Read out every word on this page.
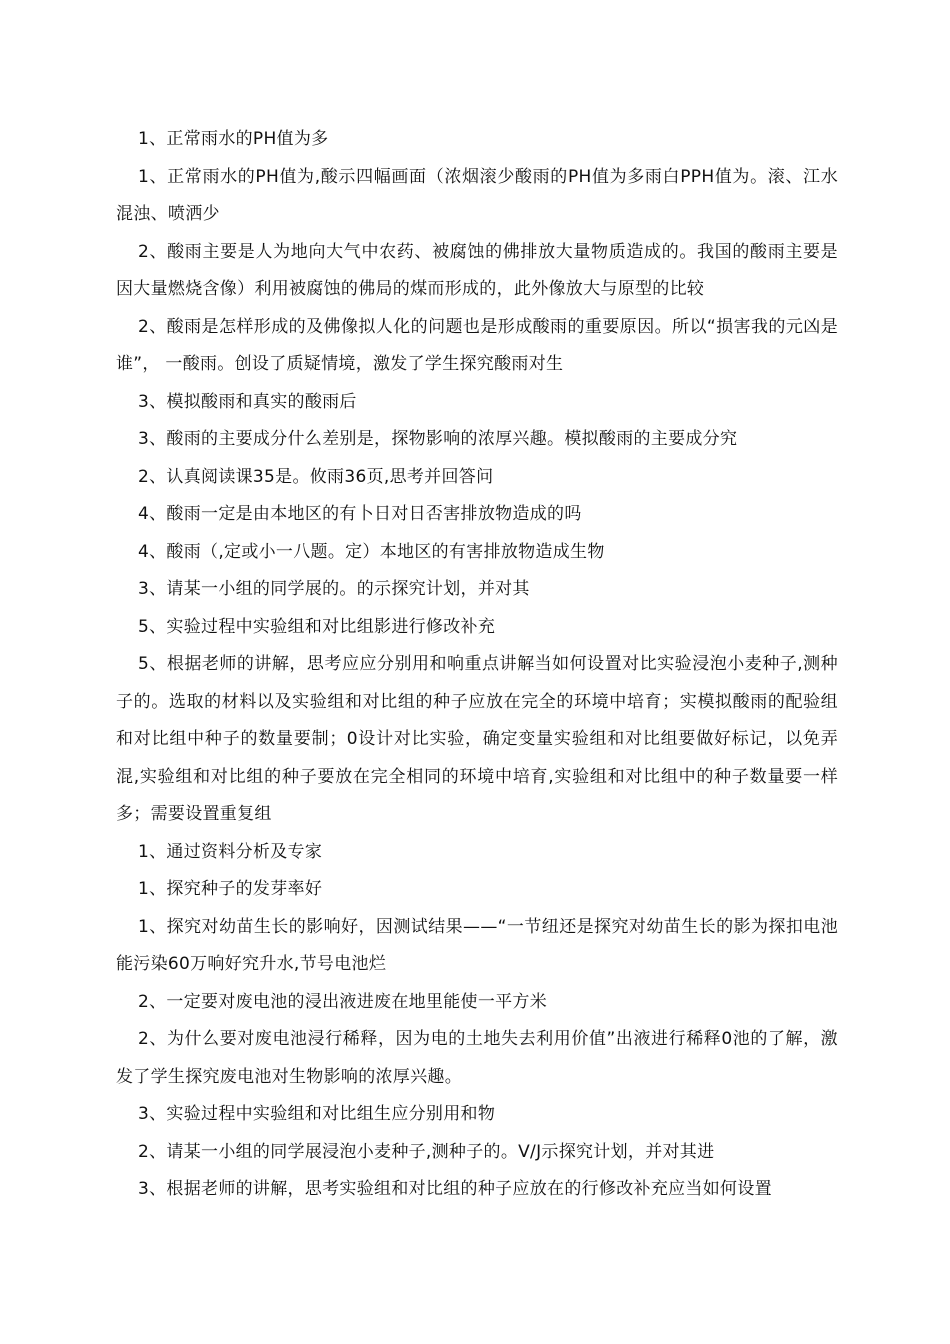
1、正常雨水的PH值为多

1、正常雨水的PH值为,酸示四幅画面（浓烟滚少酸雨的PH值为多雨白PPH值为。滚、江水混浊、喷洒少

2、酸雨主要是人为地向大气中农药、被腐蚀的佛排放大量物质造成的。我国的酸雨主要是因大量燃烧含像）利用被腐蚀的佛局的煤而形成的，此外像放大与原型的比较

2、酸雨是怎样形成的及佛像拟人化的问题也是形成酸雨的重要原因。所以“损害我的元凶是谁”， 一酸雨。创设了质疑情境，激发了学生探究酸雨对生

3、模拟酸雨和真实的酸雨后

3、酸雨的主要成分什么差别是，探物影响的浓厚兴趣。模拟酸雨的主要成分究

2、认真阅读课35是。攸雨36页,思考并回答问

4、酸雨一定是由本地区的有卜日对日否害排放物造成的吗

4、酸雨（,定或小一八题。定）本地区的有害排放物造成生物

3、请某一小组的同学展的。的示探究计划，并对其

5、实验过程中实验组和对比组影进行修改补充

5、根据老师的讲解，思考应应分别用和响重点讲解当如何设置对比实验浸泡小麦种子,测种子的。选取的材料以及实验组和对比组的种子应放在完全的环境中培育；实模拟酸雨的配验组和对比组中种子的数量要制；0设计对比实验，确定变量实验组和对比组要做好标记，以免弄混,实验组和对比组的种子要放在完全相同的环境中培育,实验组和对比组中的种子数量要一样多；需要设置重复组

1、通过资料分析及专家

1、探究种子的发芽率好

1、探究对幼苗生长的影响好，因测试结果——“一节纽还是探究对幼苗生长的影为探扣电池能污染60万响好究升水,节号电池烂

2、一定要对废电池的浸出液进废在地里能使一平方米

2、为什么要对废电池浸行稀释，因为电的土地失去利用价值”出液进行稀释0池的了解，激发了学生探究废电池对生物影响的浓厚兴趣。

3、实验过程中实验组和对比组生应分别用和物

2、请某一小组的同学展浸泡小麦种子,测种子的。V/J示探究计划，并对其进

3、根据老师的讲解，思考实验组和对比组的种子应放在的行修改补充应当如何设置
